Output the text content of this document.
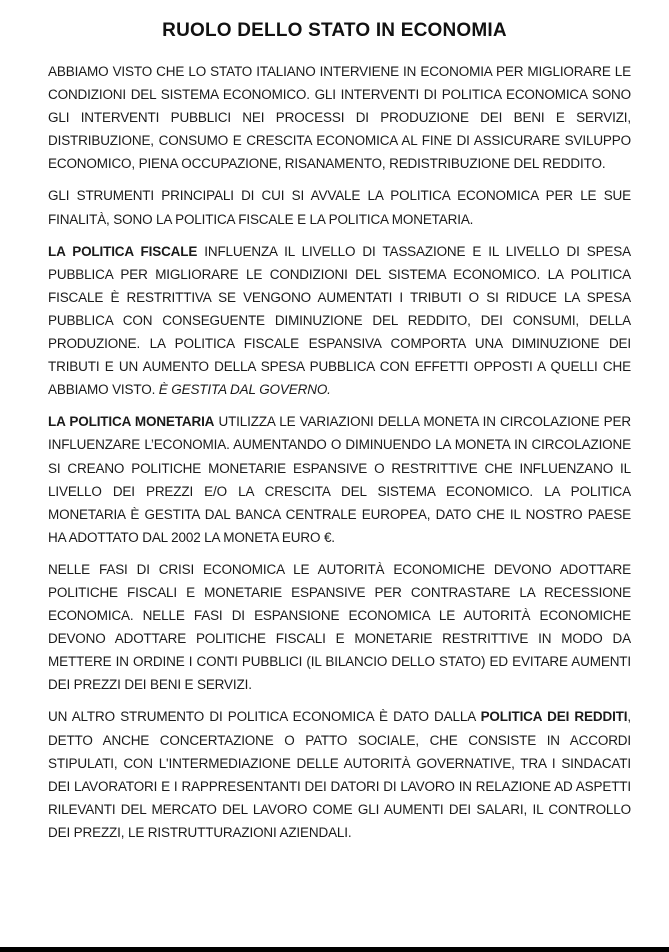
RUOLO DELLO STATO IN ECONOMIA

ABBIAMO VISTO CHE LO STATO ITALIANO INTERVIENE IN ECONOMIA PER MIGLIORARE LE CONDIZIONI DEL SISTEMA ECONOMICO. GLI INTERVENTI DI POLITICA ECONOMICA SONO GLI INTERVENTI PUBBLICI NEI PROCESSI DI PRODUZIONE DEI BENI E SERVIZI, DISTRIBUZIONE, CONSUMO E CRESCITA ECONOMICA AL FINE DI ASSICURARE SVILUPPO ECONOMICO, PIENA OCCUPAZIONE, RISANAMENTO, REDISTRIBUZIONE DEL REDDITO.

GLI STRUMENTI PRINCIPALI DI CUI SI AVVALE LA POLITICA ECONOMICA PER LE SUE FINALITÀ, SONO LA POLITICA FISCALE E LA POLITICA MONETARIA.

LA POLITICA FISCALE INFLUENZA IL LIVELLO DI TASSAZIONE E IL LIVELLO DI SPESA PUBBLICA PER MIGLIORARE LE CONDIZIONI DEL SISTEMA ECONOMICO. LA POLITICA FISCALE È RESTRITTIVA SE VENGONO AUMENTATI I TRIBUTI O SI RIDUCE LA SPESA PUBBLICA CON CONSEGUENTE DIMINUZIONE DEL REDDITO, DEI CONSUMI, DELLA PRODUZIONE. LA POLITICA FISCALE ESPANSIVA COMPORTA UNA DIMINUZIONE DEI TRIBUTI E UN AUMENTO DELLA SPESA PUBBLICA CON EFFETTI OPPOSTI A QUELLI CHE ABBIAMO VISTO. È GESTITA DAL GOVERNO.

LA POLITICA MONETARIA UTILIZZA LE VARIAZIONI DELLA MONETA IN CIRCOLAZIONE PER INFLUENZARE L’ECONOMIA. AUMENTANDO O DIMINUENDO LA MONETA IN CIRCOLAZIONE SI CREANO POLITICHE MONETARIE ESPANSIVE O RESTRITTIVE CHE INFLUENZANO IL LIVELLO DEI PREZZI E/O LA CRESCITA DEL SISTEMA ECONOMICO. LA POLITICA MONETARIA È GESTITA DAL BANCA CENTRALE EUROPEA, DATO CHE IL NOSTRO PAESE HA ADOTTATO DAL 2002 LA MONETA EURO €.

NELLE FASI DI CRISI ECONOMICA LE AUTORITÀ ECONOMICHE DEVONO ADOTTARE POLITICHE FISCALI E MONETARIE ESPANSIVE PER CONTRASTARE LA RECESSIONE ECONOMICA. NELLE FASI DI ESPANSIONE ECONOMICA LE AUTORITÀ ECONOMICHE DEVONO ADOTTARE POLITICHE FISCALI E MONETARIE RESTRITTIVE IN MODO DA METTERE IN ORDINE I CONTI PUBBLICI (IL BILANCIO DELLO STATO) ED EVITARE AUMENTI DEI PREZZI DEI BENI E SERVIZI.

UN ALTRO STRUMENTO DI POLITICA ECONOMICA È DATO DALLA POLITICA DEI REDDITI, DETTO ANCHE CONCERTAZIONE O PATTO SOCIALE, CHE CONSISTE IN ACCORDI STIPULATI, CON L'INTERMEDIAZIONE DELLE AUTORITÀ GOVERNATIVE, TRA I SINDACATI DEI LAVORATORI E I RAPPRESENTANTI DEI DATORI DI LAVORO IN RELAZIONE AD ASPETTI RILEVANTI DEL MERCATO DEL LAVORO COME GLI AUMENTI DEI SALARI, IL CONTROLLO DEI PREZZI, LE RISTRUTTURAZIONI AZIENDALI.
